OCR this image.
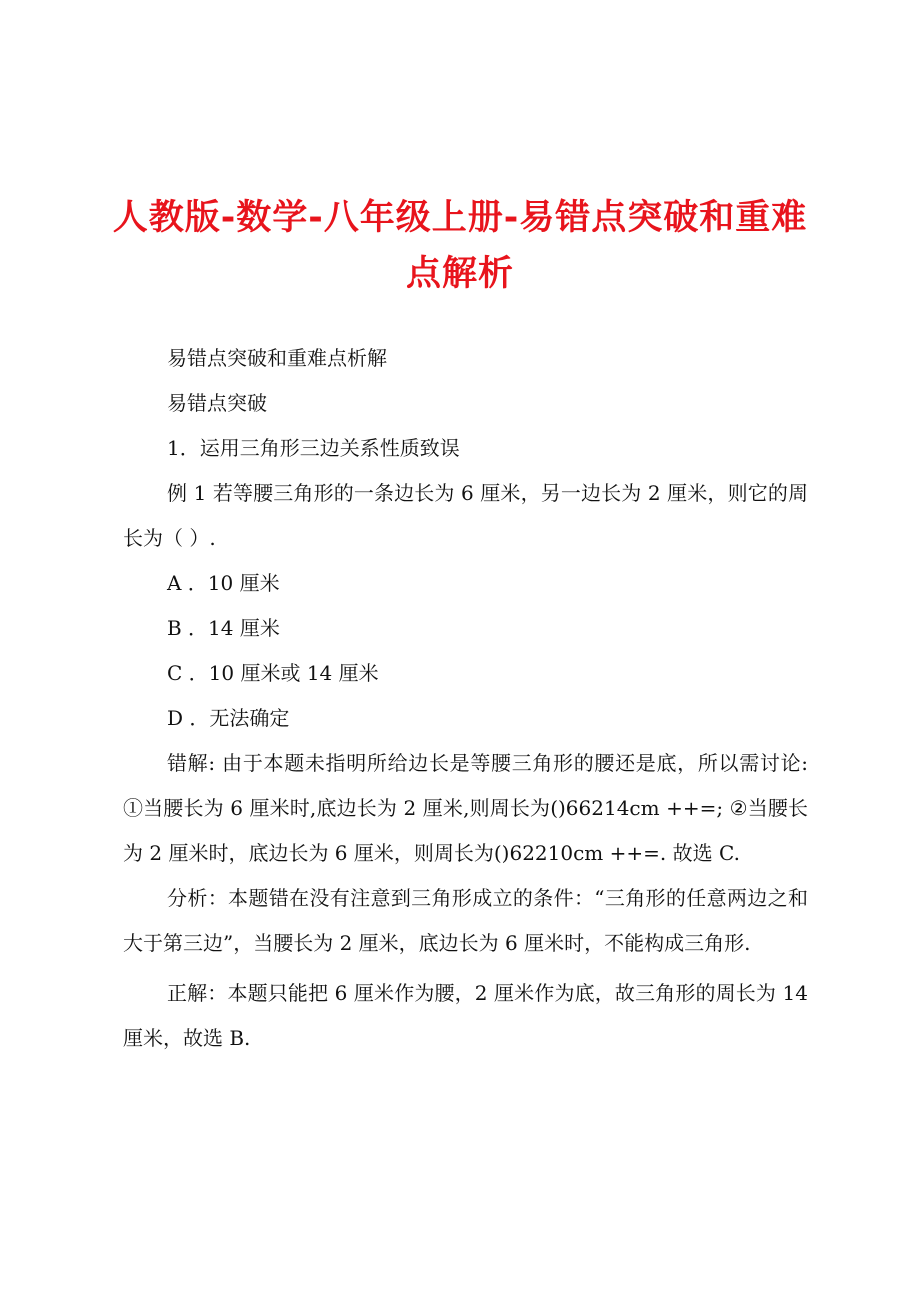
人教版-数学-八年级上册-易错点突破和重难点解析

易错点突破和重难点析解

易错点突破

1．运用三角形三边关系性质致误

例 1 若等腰三角形的一条边长为 6 厘米，另一边长为 2 厘米，则它的周长为（ ）.

A ．10 厘米

B ．14 厘米

C ．10 厘米或 14 厘米

D ．无法确定

错解: 由于本题未指明所给边长是等腰三角形的腰还是底，所以需讨论: ①当腰长为 6 厘米时,底边长为 2 厘米,则周长为()66214cm ++=; ②当腰长为 2 厘米时，底边长为 6 厘米，则周长为()62210cm ++=. 故选 C.

分析：本题错在没有注意到三角形成立的条件：“三角形的任意两边之和大于第三边”，当腰长为 2 厘米，底边长为 6 厘米时，不能构成三角形.

正解：本题只能把 6 厘米作为腰，2 厘米作为底，故三角形的周长为 14 厘米，故选 B.
